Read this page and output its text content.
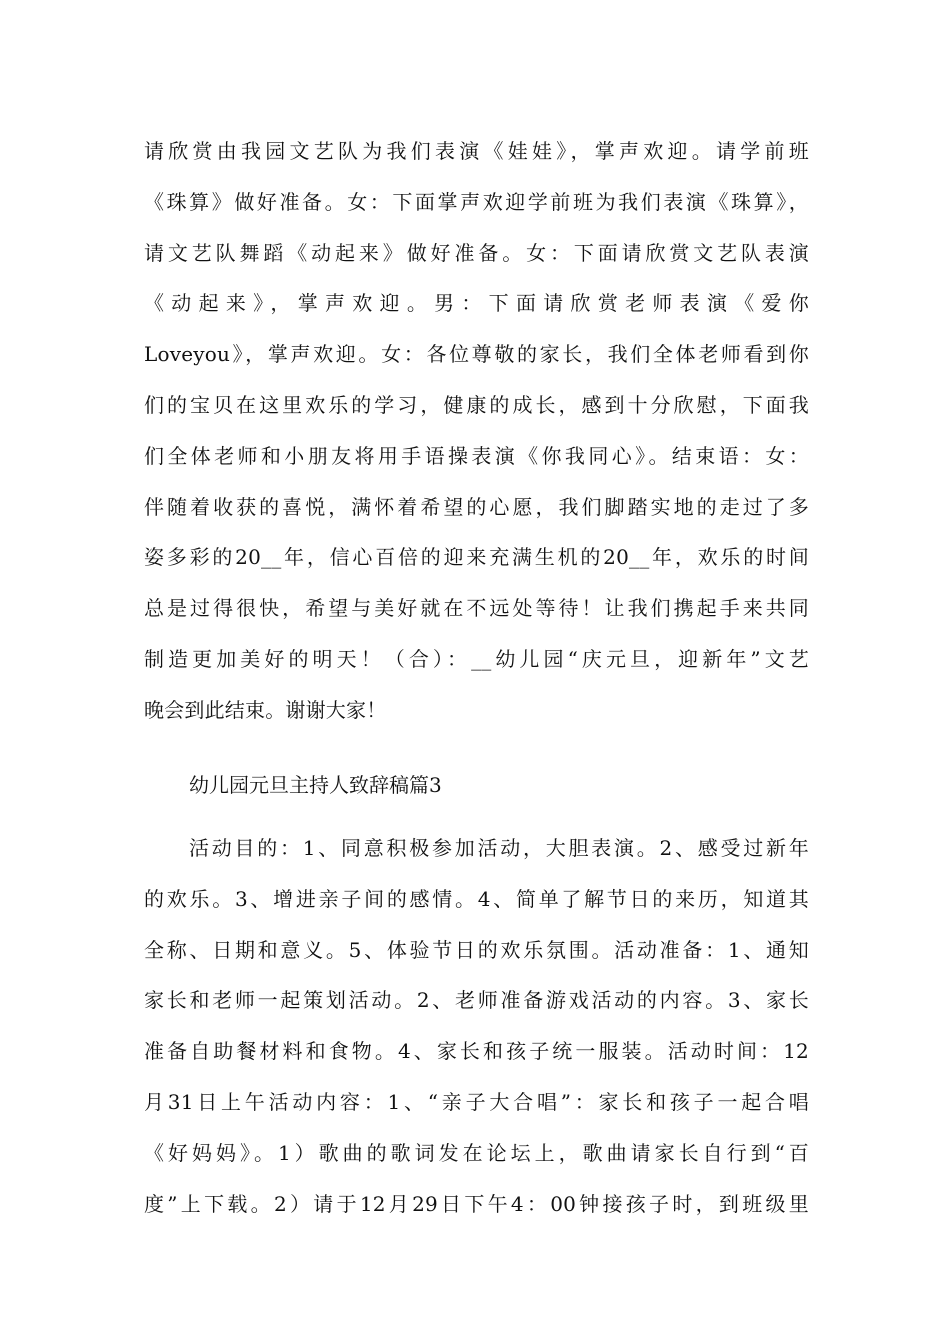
请欣赏由我园文艺队为我们表演《娃娃》，掌声欢迎。请学前班
《珠算》做好准备。女：下面掌声欢迎学前班为我们表演《珠算》，
请文艺队舞蹈《动起来》做好准备。女：下面请欣赏文艺队表演
《动起来》，掌声欢迎。男：下面请欣赏老师表演《爱你
Loveyou》，掌声欢迎。女：各位尊敬的家长，我们全体老师看到你
们的宝贝在这里欢乐的学习，健康的成长，感到十分欣慰，下面我
们全体老师和小朋友将用手语操表演《你我同心》。结束语：女：
伴随着收获的喜悦，满怀着希望的心愿，我们脚踏实地的走过了多
姿多彩的20__年，信心百倍的迎来充满生机的20__年，欢乐的时间
总是过得很快，希望与美好就在不远处等待！让我们携起手来共同
制造更加美好的明天！（合）：__幼儿园“庆元旦，迎新年”文艺
晚会到此结束。谢谢大家！
幼儿园元旦主持人致辞稿篇3
活动目的：1、同意积极参加活动，大胆表演。2、感受过新年
的欢乐。3、增进亲子间的感情。4、简单了解节日的来历，知道其
全称、日期和意义。5、体验节日的欢乐氛围。活动准备：1、通知
家长和老师一起策划活动。2、老师准备游戏活动的内容。3、家长
准备自助餐材料和食物。4、家长和孩子统一服装。活动时间：12
月31日上午活动内容：1、“亲子大合唱”：家长和孩子一起合唱
《好妈妈》。1）歌曲的歌词发在论坛上，歌曲请家长自行到“百
度”上下载。2）请于12月29日下午4：00钟接孩子时，到班级里
